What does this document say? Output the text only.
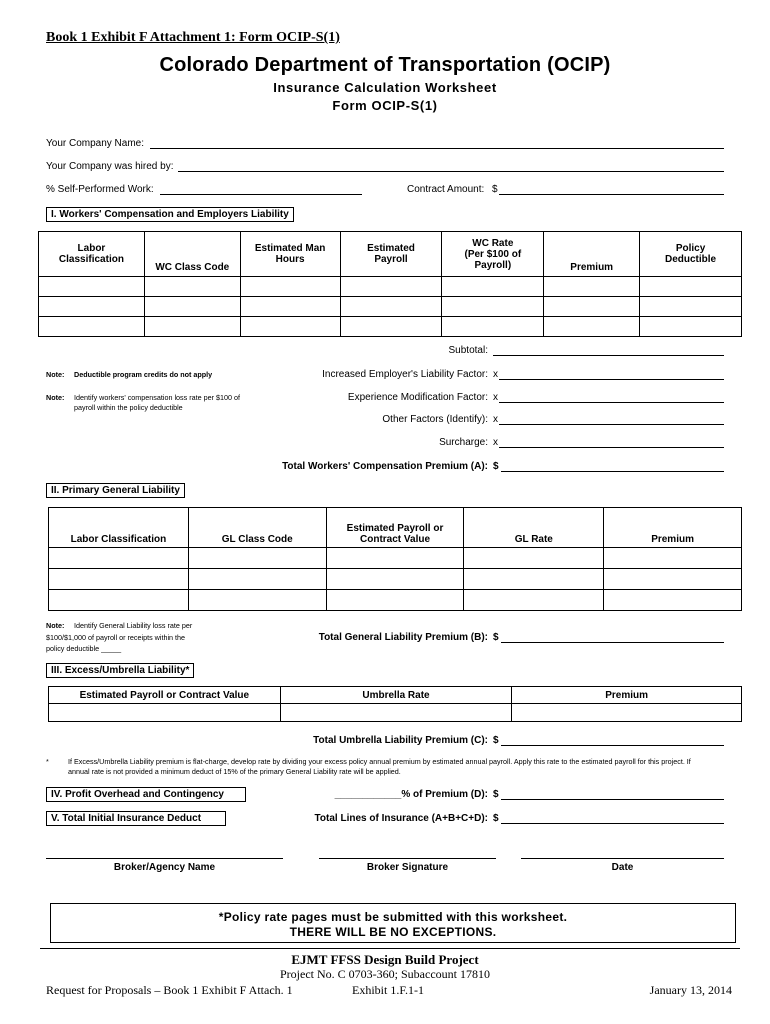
Book 1 Exhibit F Attachment 1: Form OCIP-S(1)
Colorado Department of Transportation (OCIP)
Insurance Calculation Worksheet
Form OCIP-S(1)
Your Company Name:
Your Company was hired by:
% Self-Performed Work:	Contract Amount: $
I. Workers' Compensation and Employers Liability
Labor
Classification	WC Class Code	Estimated Man
Hours	Estimated
Payroll	WC Rate
(Per $100 of
Payroll)	Premium	Policy
Deductible

Subtotal:
Note: Deductible program credits do not apply	Increased Employer's Liability Factor: x
Note: Identify workers' compensation loss rate per $100 of
payroll within the policy deductible
Experience Modification Factor: x
Other Factors (Identify): x
Surcharge: x
Total Workers' Compensation Premium (A): $
II. Primary General Liability
Labor Classification	GL Class Code	Estimated Payroll or
Contract Value	GL Rate	Premium

Note: Identify General Liability loss rate per
$100/$1,000 of payroll or receipts within the
policy deductible _____
Total General Liability Premium (B): $
III. Excess/Umbrella Liability*
Estimated Payroll or Contract Value	Umbrella Rate	Premium

Total Umbrella Liability Premium (C): $
*	If Excess/Umbrella Liability premium is flat-charge, develop rate by dividing your excess policy annual premium by estimated annual payroll. Apply this rate to the estimated payroll for this project. If
annual rate is not provided a minimum deduct of 15% of the primary General Liability rate will be applied.
IV. Profit Overhead and Contingency	____________% of Premium (D): $
V. Total Initial Insurance Deduct	Total Lines of Insurance (A+B+C+D): $
Broker/Agency Name	Broker Signature	Date
*Policy rate pages must be submitted with this worksheet.
THERE WILL BE NO EXCEPTIONS.
EJMT FFSS Design Build Project
Project No. C 0703-360; Subaccount 17810
Request for Proposals – Book 1 Exhibit F Attach. 1	Exhibit 1.F.1-1	January 13, 2014
